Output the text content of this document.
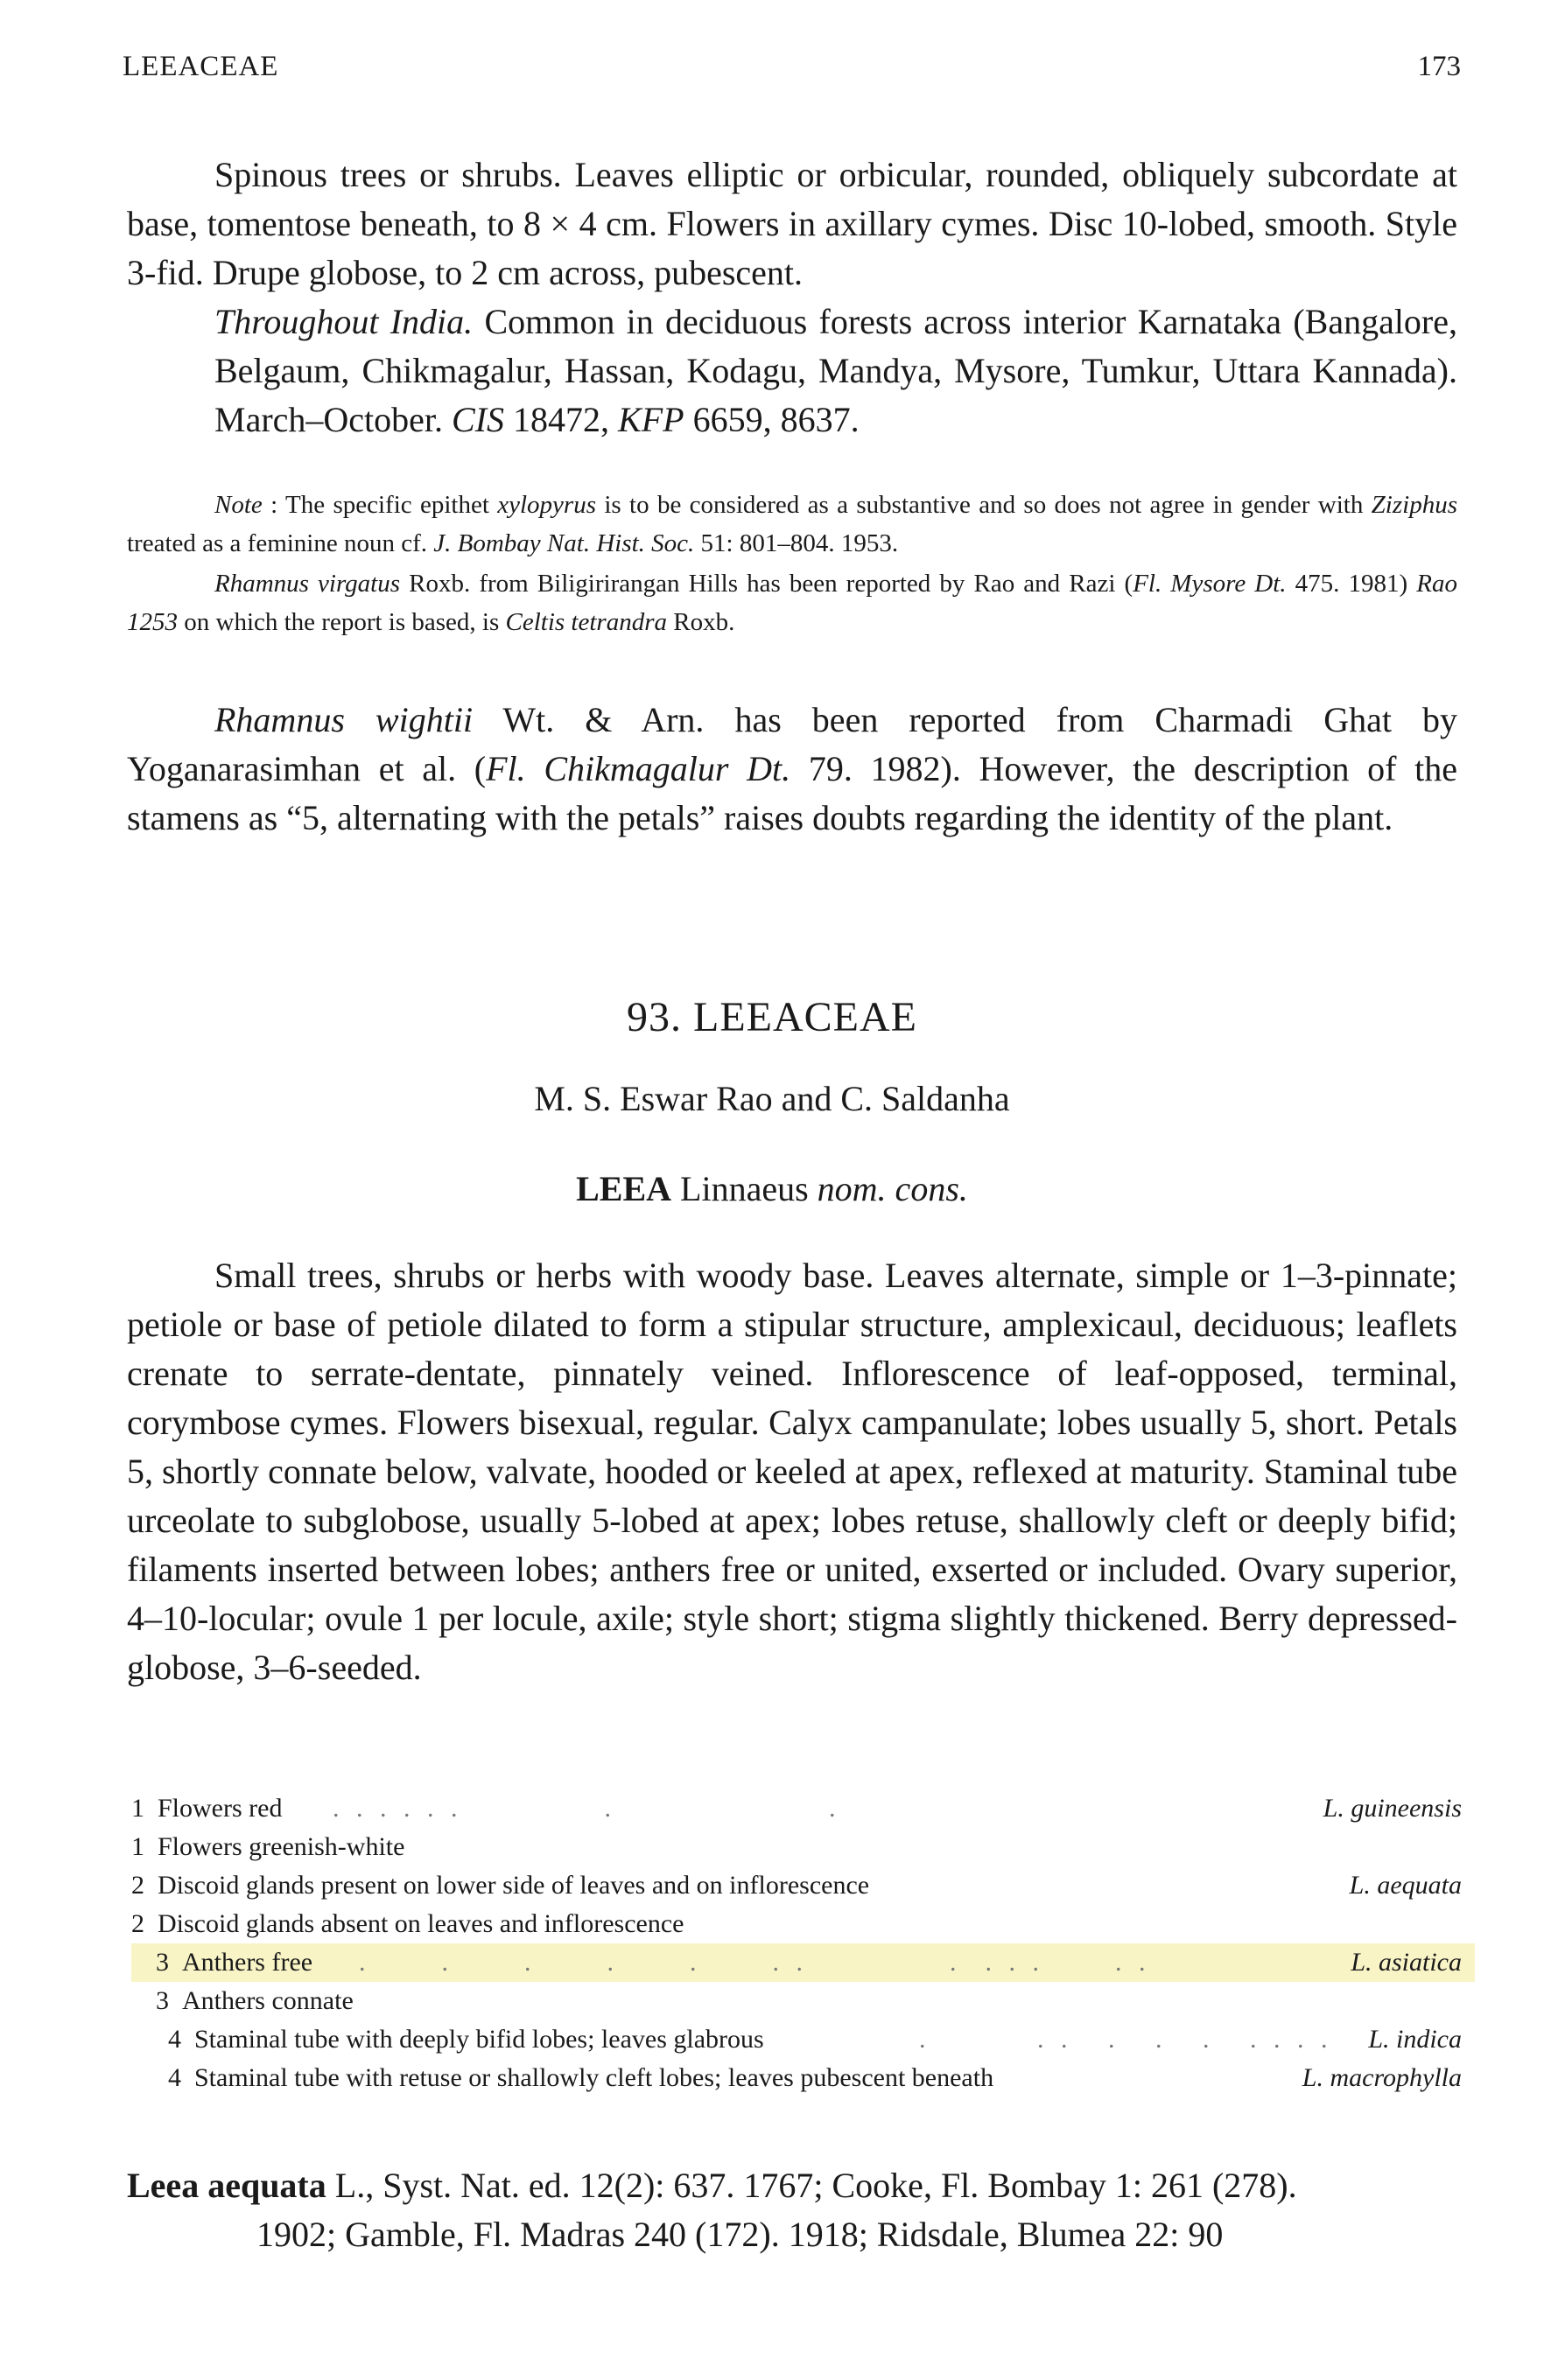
LEEACEAE	173
Spinous trees or shrubs. Leaves elliptic or orbicular, rounded, obliquely subcordate at base, tomentose beneath, to 8 × 4 cm. Flowers in axillary cymes. Disc 10-lobed, smooth. Style 3-fid. Drupe globose, to 2 cm across, pubescent.
Throughout India. Common in deciduous forests across interior Karnataka (Bangalore, Belgaum, Chikmagalur, Hassan, Kodagu, Mandya, Mysore, Tumkur, Uttara Kannada). March–October. CIS 18472, KFP 6659, 8637.
Note : The specific epithet xylopyrus is to be considered as a substantive and so does not agree in gender with Ziziphus treated as a feminine noun cf. J. Bombay Nat. Hist. Soc. 51: 801–804. 1953.
Rhamnus virgatus Roxb. from Biligirirangan Hills has been reported by Rao and Razi (Fl. Mysore Dt. 475. 1981) Rao 1253 on which the report is based, is Celtis tetrandra Roxb.
Rhamnus wightii Wt. & Arn. has been reported from Charmadi Ghat by Yoganarasimhan et al. (Fl. Chikmagalur Dt. 79. 1982). However, the description of the stamens as “5, alternating with the petals” raises doubts regarding the identity of the plant.
93. LEEACEAE
M. S. Eswar Rao and C. Saldanha
LEEA Linnaeus nom. cons.
Small trees, shrubs or herbs with woody base. Leaves alternate, simple or 1–3-pinnate; petiole or base of petiole dilated to form a stipular structure, amplexicaul, deciduous; leaflets crenate to serrate-dentate, pinnately veined. Inflorescence of leaf-opposed, terminal, corymbose cymes. Flowers bisexual, regular. Calyx campanulate; lobes usually 5, short. Petals 5, shortly connate below, valvate, hooded or keeled at apex, reflexed at maturity. Staminal tube urceolate to subglobose, usually 5-lobed at apex; lobes retuse, shallowly cleft or deeply bifid; filaments inserted between lobes; anthers free or united, exserted or included. Ovary superior, 4–10-locular; ovule 1 per locule, axile; style short; stigma slightly thickened. Berry depressed-globose, 3–6-seeded.
1 Flowers red . . . . . .            .                  .	L. guineensis
1 Flowers greenish-white
2 Discoid glands present on lower side of leaves and on inflorescence	L. aequata
2 Discoid glands absent on leaves and inflorescence
3 Anthers free .      .      .      .      .      . .            .  . . .      . .	L. asiatica
3 Anthers connate
4 Staminal tube with deeply bifid lobes; leaves glabrous	.         . .   .   .   .   . . . . L. indica
4 Staminal tube with retuse or shallowly cleft lobes; leaves pubescent beneath	L. macrophylla
Leea aequata L., Syst. Nat. ed. 12(2): 637. 1767; Cooke, Fl. Bombay 1: 261 (278).
1902; Gamble, Fl. Madras 240 (172). 1918; Ridsdale, Blumea 22: 90
